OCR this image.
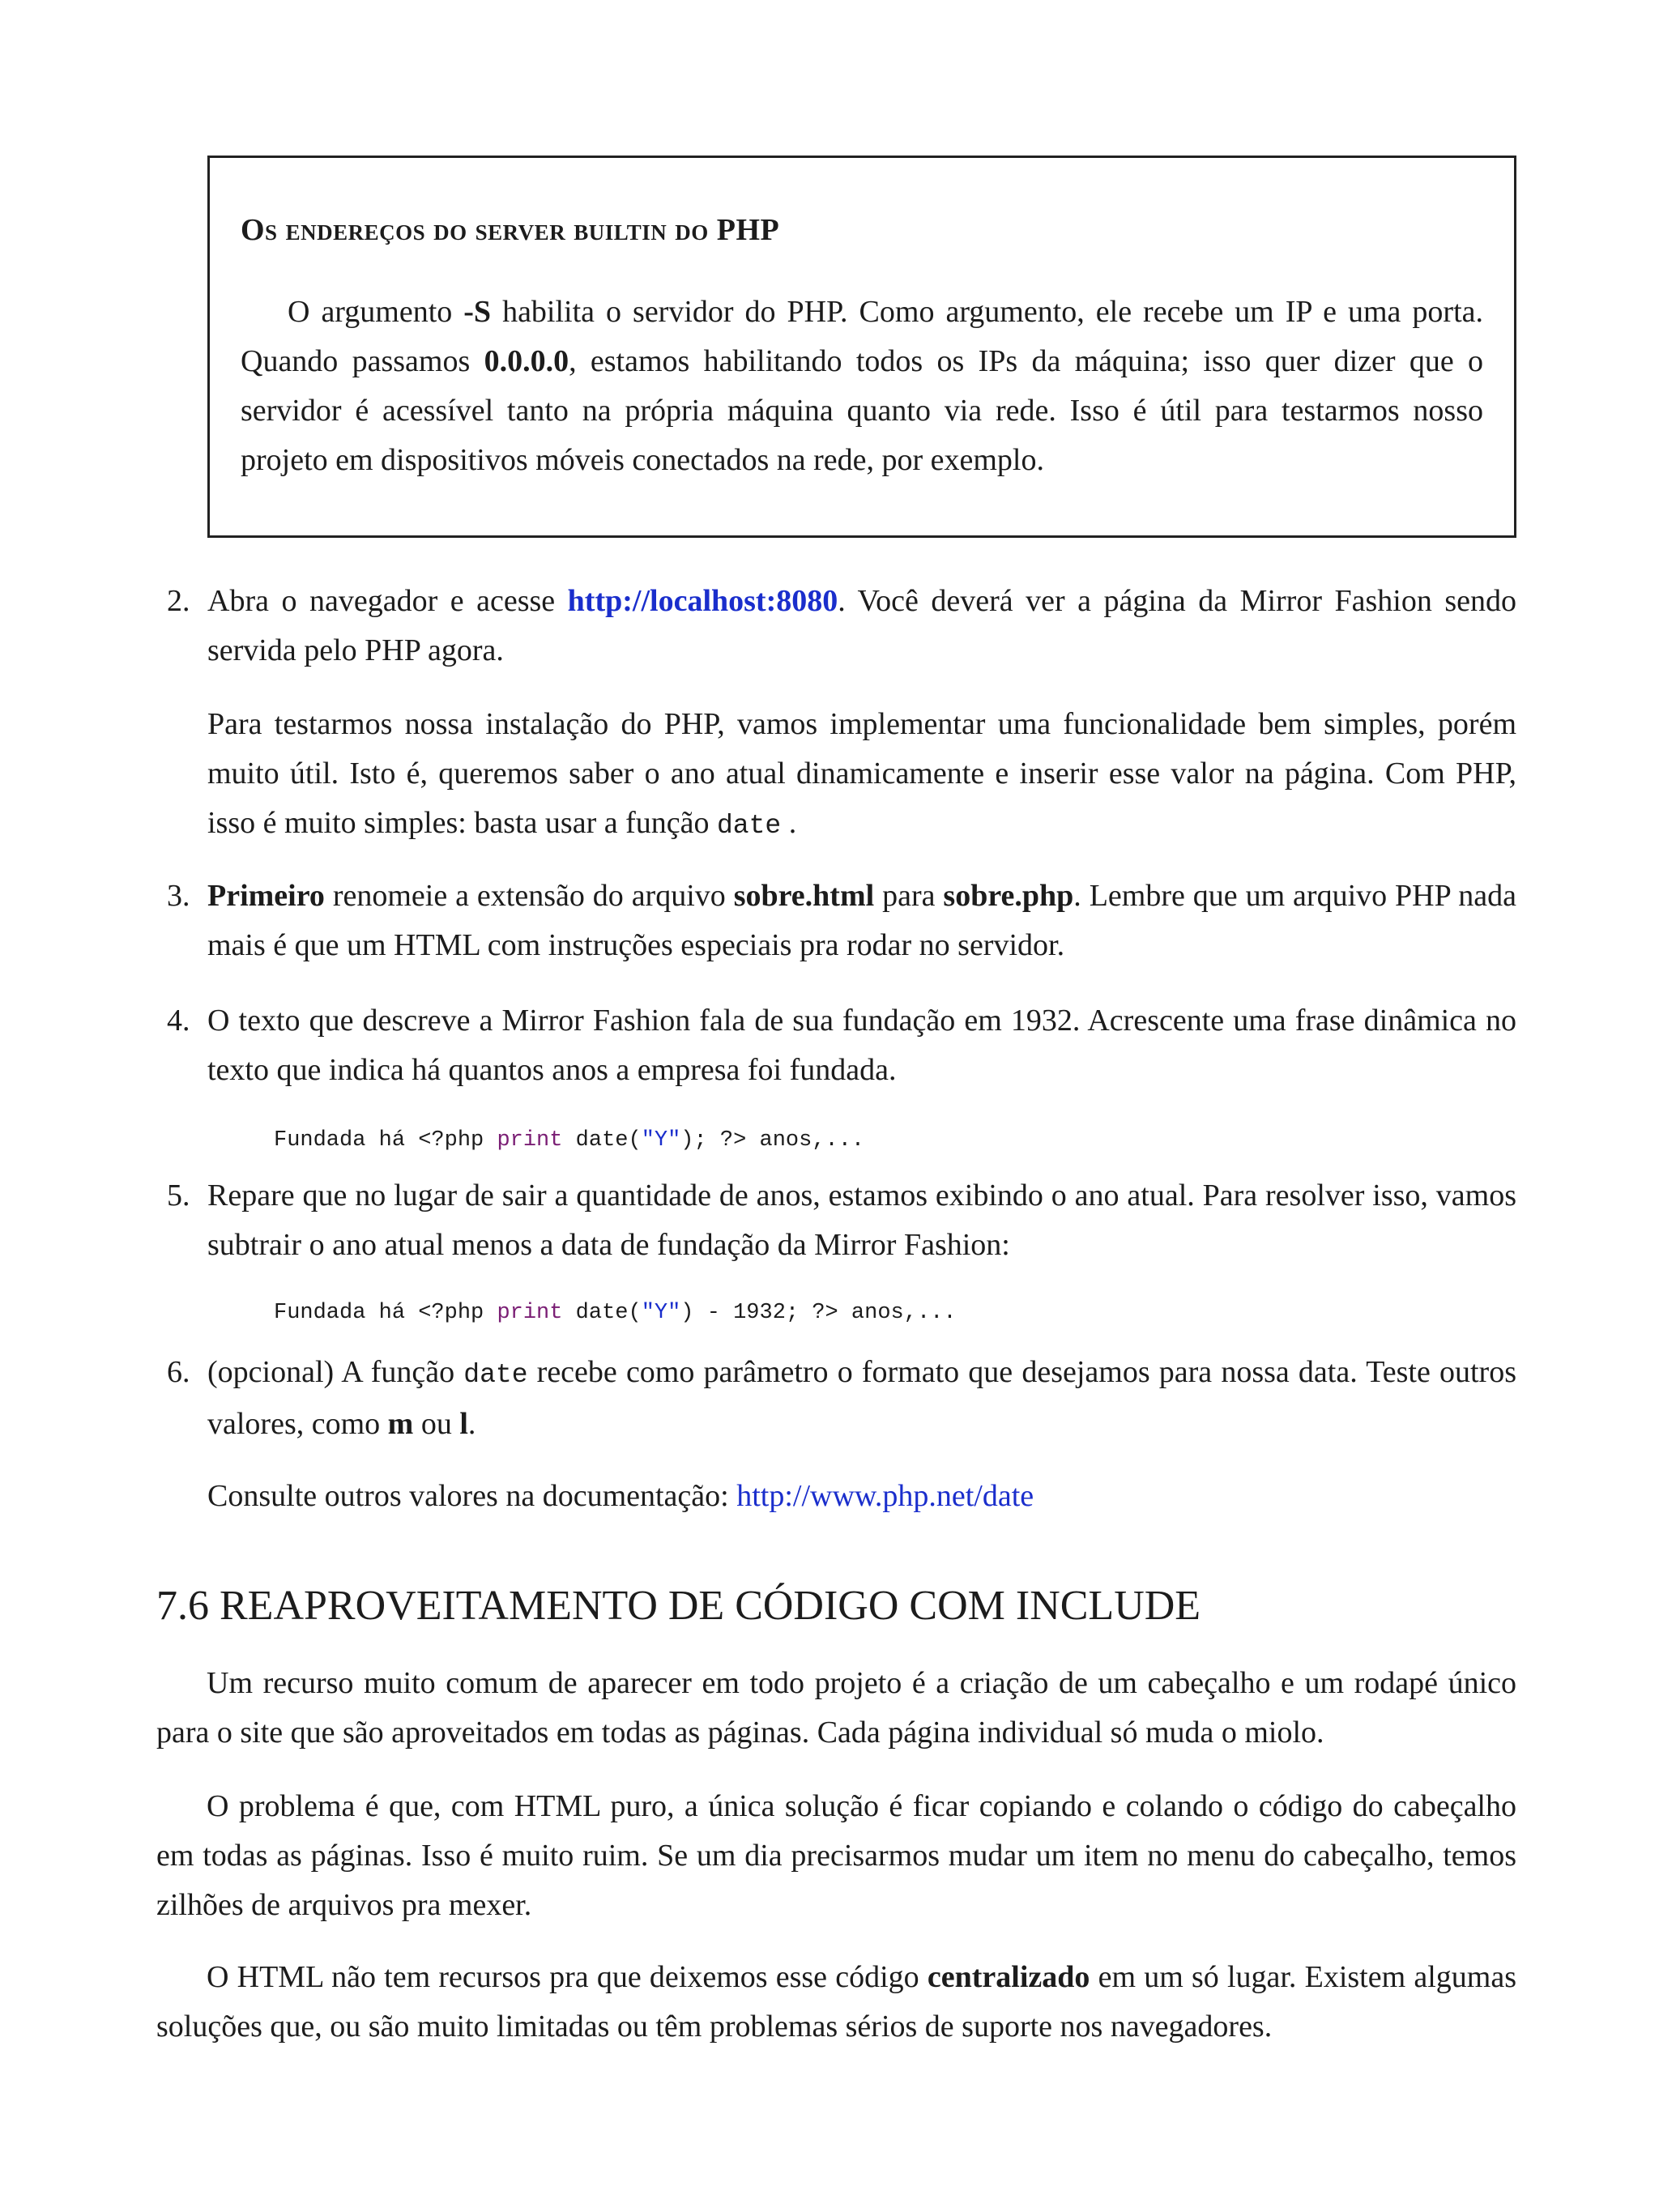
Os endereços do server builtin do PHP
O argumento -S habilita o servidor do PHP. Como argumento, ele recebe um IP e uma porta. Quando passamos 0.0.0.0, estamos habilitando todos os IPs da máquina; isso quer dizer que o servidor é acessível tanto na própria máquina quanto via rede. Isso é útil para testarmos nosso projeto em dispositivos móveis conectados na rede, por exemplo.
2. Abra o navegador e acesse http://localhost:8080. Você deverá ver a página da Mirror Fashion sendo servida pelo PHP agora.
Para testarmos nossa instalação do PHP, vamos implementar uma funcionalidade bem simples, porém muito útil. Isto é, queremos saber o ano atual dinamicamente e inserir esse valor na página. Com PHP, isso é muito simples: basta usar a função date .
3. Primeiro renomeie a extensão do arquivo sobre.html para sobre.php. Lembre que um arquivo PHP nada mais é que um HTML com instruções especiais pra rodar no servidor.
4. O texto que descreve a Mirror Fashion fala de sua fundação em 1932. Acrescente uma frase dinâmica no texto que indica há quantos anos a empresa foi fundada.
Fundada há <?php print date("Y"); ?> anos,...
5. Repare que no lugar de sair a quantidade de anos, estamos exibindo o ano atual. Para resolver isso, vamos subtrair o ano atual menos a data de fundação da Mirror Fashion:
Fundada há <?php print date("Y") - 1932; ?> anos,...
6. (opcional) A função date recebe como parâmetro o formato que desejamos para nossa data. Teste outros valores, como m ou l.
Consulte outros valores na documentação: http://www.php.net/date
7.6 REAPROVEITAMENTO DE CÓDIGO COM INCLUDE
Um recurso muito comum de aparecer em todo projeto é a criação de um cabeçalho e um rodapé único para o site que são aproveitados em todas as páginas. Cada página individual só muda o miolo.
O problema é que, com HTML puro, a única solução é ficar copiando e colando o código do cabeçalho em todas as páginas. Isso é muito ruim. Se um dia precisarmos mudar um item no menu do cabeçalho, temos zilhões de arquivos pra mexer.
O HTML não tem recursos pra que deixemos esse código centralizado em um só lugar. Existem algumas soluções que, ou são muito limitadas ou têm problemas sérios de suporte nos navegadores.
